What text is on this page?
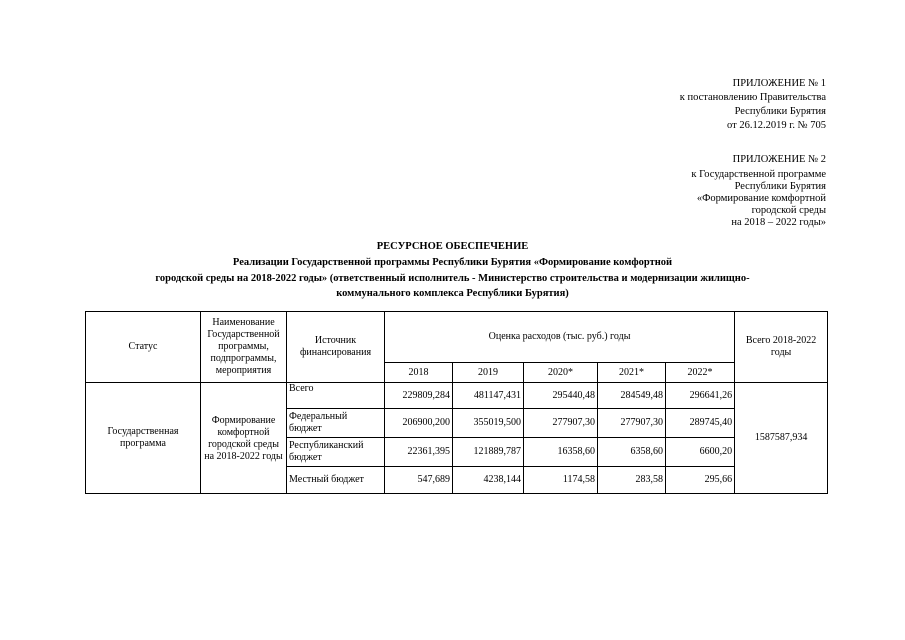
ПРИЛОЖЕНИЕ № 1
к постановлению Правительства
Республики Бурятия
от 26.12.2019 г. № 705
ПРИЛОЖЕНИЕ № 2
к Государственной программе
Республики Бурятия
«Формирование комфортной
городской среды
на 2018 – 2022 годы»
РЕСУРСНОЕ ОБЕСПЕЧЕНИЕ
Реализации Государственной программы Республики Бурятия «Формирование комфортной
городской среды на 2018-2022 годы» (ответственный исполнитель - Министерство строительства и модернизации жилищно-
коммунального комплекса Республики Бурятия)
Статус	Наименование Государственной программы, подпрограммы, мероприятия	Источник финансирования	Оценка расходов (тыс. руб.) годы					Всего 2018-2022 годы
			2018	2019	2020*	2021*	2022*	
Государственная программа	Формирование комфортной городской среды на 2018-2022 годы	Всего	229809,284	481147,431	295440,48	284549,48	296641,26	1587587,934
		Федеральный бюджет	206900,200	355019,500	277907,30	277907,30	289745,40	
		Республиканский бюджет	22361,395	121889,787	16358,60	6358,60	6600,20	
		Местный бюджет	547,689	4238,144	1174,58	283,58	295,66	
